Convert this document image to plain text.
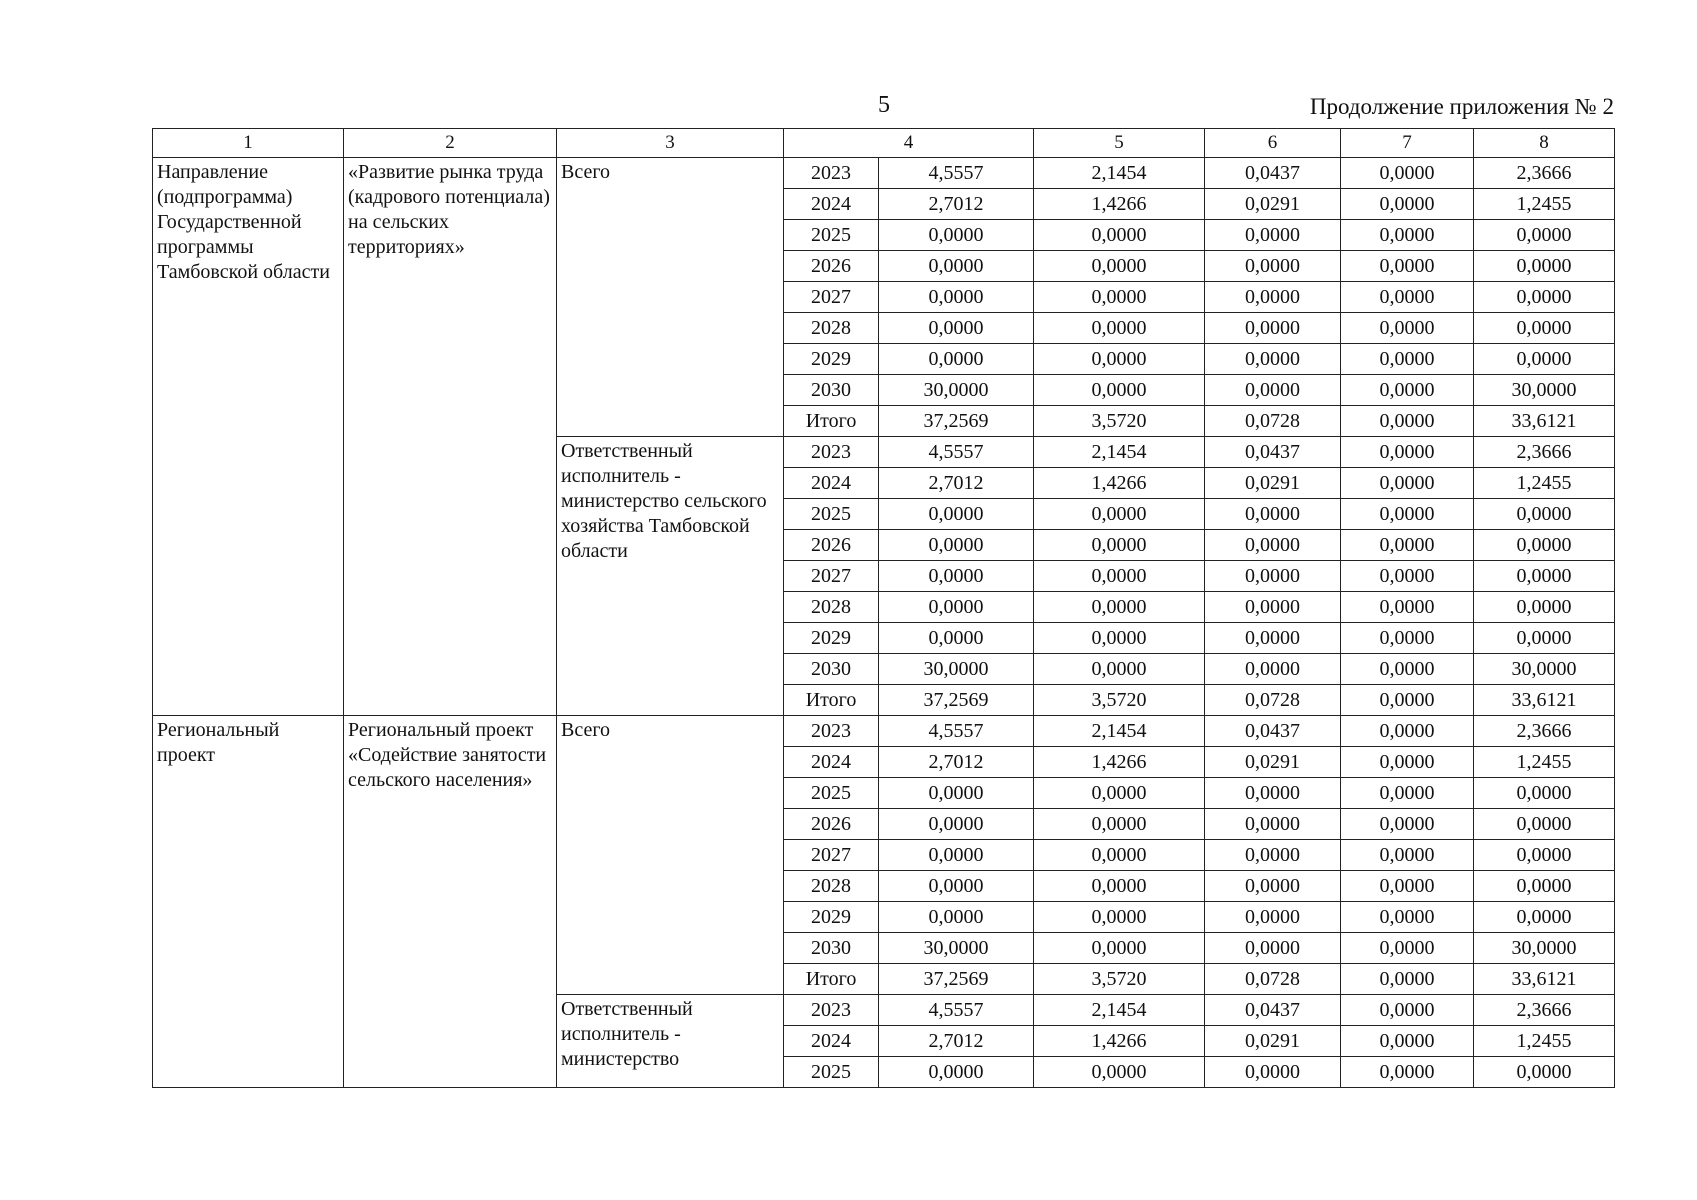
5	Продолжение приложения № 2
1	2	3	4		5	6	7	8
Направление (подпрограмма) Государственной программы Тамбовской области	«Развитие рынка труда (кадрового потенциала) на сельских территориях»	Всего	2023	4,5557	2,1454	0,0437	0,0000	2,3666
			2024	2,7012	1,4266	0,0291	0,0000	1,2455
			2025	0,0000	0,0000	0,0000	0,0000	0,0000
			2026	0,0000	0,0000	0,0000	0,0000	0,0000
			2027	0,0000	0,0000	0,0000	0,0000	0,0000
			2028	0,0000	0,0000	0,0000	0,0000	0,0000
			2029	0,0000	0,0000	0,0000	0,0000	0,0000
			2030	30,0000	0,0000	0,0000	0,0000	30,0000
			Итого	37,2569	3,5720	0,0728	0,0000	33,6121
		Ответственный исполнитель - министерство сельского хозяйства Тамбовской области	2023	4,5557	2,1454	0,0437	0,0000	2,3666
			2024	2,7012	1,4266	0,0291	0,0000	1,2455
			2025	0,0000	0,0000	0,0000	0,0000	0,0000
			2026	0,0000	0,0000	0,0000	0,0000	0,0000
			2027	0,0000	0,0000	0,0000	0,0000	0,0000
			2028	0,0000	0,0000	0,0000	0,0000	0,0000
			2029	0,0000	0,0000	0,0000	0,0000	0,0000
			2030	30,0000	0,0000	0,0000	0,0000	30,0000
			Итого	37,2569	3,5720	0,0728	0,0000	33,6121
Региональный проект	Региональный проект «Содействие занятости сельского населения»	Всего	2023	4,5557	2,1454	0,0437	0,0000	2,3666
			2024	2,7012	1,4266	0,0291	0,0000	1,2455
			2025	0,0000	0,0000	0,0000	0,0000	0,0000
			2026	0,0000	0,0000	0,0000	0,0000	0,0000
			2027	0,0000	0,0000	0,0000	0,0000	0,0000
			2028	0,0000	0,0000	0,0000	0,0000	0,0000
			2029	0,0000	0,0000	0,0000	0,0000	0,0000
			2030	30,0000	0,0000	0,0000	0,0000	30,0000
			Итого	37,2569	3,5720	0,0728	0,0000	33,6121
		Ответственный исполнитель - министерство	2023	4,5557	2,1454	0,0437	0,0000	2,3666
			2024	2,7012	1,4266	0,0291	0,0000	1,2455
			2025	0,0000	0,0000	0,0000	0,0000	0,0000
